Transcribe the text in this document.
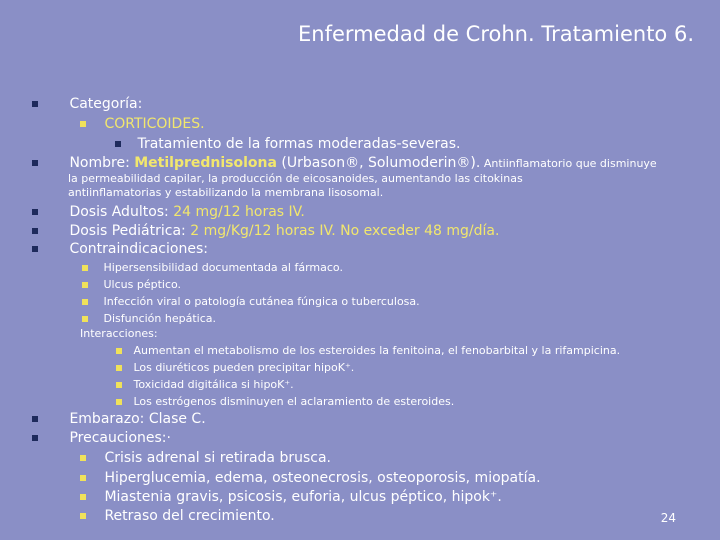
Enfermedad de Crohn. Tratamiento 6.
Categoría:
CORTICOIDES.
Tratamiento de la formas moderadas-severas.
Nombre: Metilprednisolona (Urbason®, Solumoderin®). Antiinflamatorio que disminuye
la permeabilidad capilar, la producción de eicosanoides, aumentando las citokinas
antiinflamatorias y estabilizando la membrana lisosomal.
Dosis Adultos: 24 mg/12 horas IV.
Dosis Pediátrica: 2 mg/Kg/12 horas IV. No exceder 48 mg/día.
Contraindicaciones:
Hipersensibilidad documentada al fármaco.
Ulcus péptico.
Infección viral o patología cutánea fúngica o tuberculosa.
Disfunción hepática.
Interacciones:
Aumentan el metabolismo de los esteroides la fenitoina, el fenobarbital y la rifampicina.
Los diuréticos pueden precipitar hipoK⁺.
Toxicidad digitálica si hipoK⁺.
Los estrógenos disminuyen el aclaramiento de esteroides.
Embarazo: Clase C.
Precauciones:·
Crisis adrenal si retirada brusca.
Hiperglucemia, edema, osteonecrosis, osteoporosis, miopatía.
Miastenia gravis, psicosis, euforia, ulcus péptico, hipok⁺.
Retraso del crecimiento.	24
